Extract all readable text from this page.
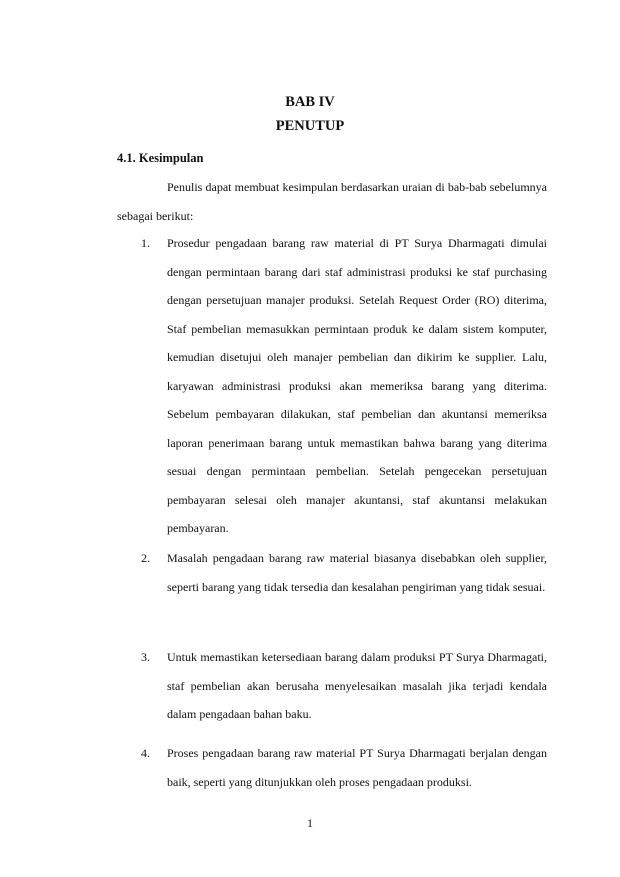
BAB IV
PENUTUP
4.1. Kesimpulan

Penulis dapat membuat kesimpulan berdasarkan uraian di bab-bab sebelumnya sebagai berikut:

1. Prosedur pengadaan barang raw material di PT Surya Dharmagati dimulai dengan permintaan barang dari staf administrasi produksi ke staf purchasing dengan persetujuan manajer produksi. Setelah Request Order (RO) diterima, Staf pembelian memasukkan permintaan produk ke dalam sistem komputer, kemudian disetujui oleh manajer pembelian dan dikirim ke supplier. Lalu, karyawan administrasi produksi akan memeriksa barang yang diterima. Sebelum pembayaran dilakukan, staf pembelian dan akuntansi memeriksa laporan penerimaan barang untuk memastikan bahwa barang yang diterima sesuai dengan permintaan pembelian. Setelah pengecekan persetujuan pembayaran selesai oleh manajer akuntansi, staf akuntansi melakukan pembayaran.
2. Masalah pengadaan barang raw material biasanya disebabkan oleh supplier, seperti barang yang tidak tersedia dan kesalahan pengiriman yang tidak sesuai.
3. Untuk memastikan ketersediaan barang dalam produksi PT Surya Dharmagati, staf pembelian akan berusaha menyelesaikan masalah jika terjadi kendala dalam pengadaan bahan baku.
4. Proses pengadaan barang raw material PT Surya Dharmagati berjalan dengan baik, seperti yang ditunjukkan oleh proses pengadaan produksi.
1
